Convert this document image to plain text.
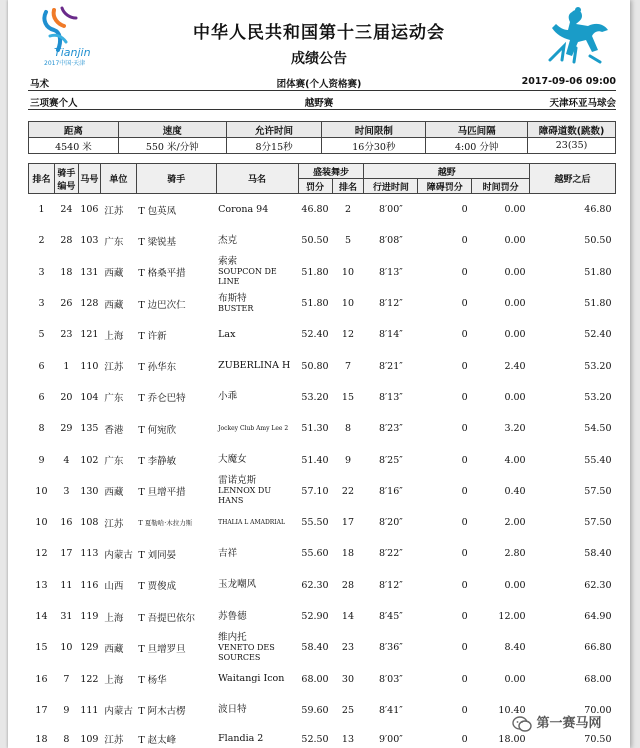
Tianjin
2017中国·天津
中华人民共和国第十三届运动会
成绩公告
马术	团体赛(个人资格赛)	2017-09-06 09:00
三项赛个人	越野赛	天津环亚马球会
距离	速度	允许时间	时间限制	马匹间隔	障碍道数(跳数)
4540 米	550 米/分钟	8分15秒	16分30秒	4:00 分钟	23(35)
排名	骑手编号	马号	单位	骑手	马名	盛装舞步		越野			越野之后
						罚分	排名	行进时间	障碍罚分	时间罚分	
1	24	106	江苏	T 包英凤	Corona 94	46.80	2	8′00″	0	0.00	46.80
2	28	103	广东	T 梁锐基	杰克	50.50	5	8′08″	0	0.00	50.50
3	18	131	西藏	T 格桑平措	索索
SOUPCON DE LINE	51.80	10	8′13″	0	0.00	51.80
3	26	128	西藏	T 边巴次仁	布斯特
BUSTER	51.80	10	8′12″	0	0.00	51.80
5	23	121	上海	T 许新	Lax	52.40	12	8′14″	0	0.00	52.40
6	1	110	江苏	T 孙华东	ZUBERLINA H	50.80	7	8′21″	0	2.40	53.20
6	20	104	广东	T 乔仑巴特	小乖	53.20	15	8′13″	0	0.00	53.20
8	29	135	香港	T 何宛欣	Jockey Club Amy Lee 2	51.30	8	8′23″	0	3.20	54.50
9	4	102	广东	T 李静敏	大魔女	51.40	9	8′25″	0	4.00	55.40
10	3	130	西藏	T 旦增平措	雷诺克斯
LENNOX DU HANS	57.10	22	8′16″	0	0.40	57.50
10	16	108	江苏	T 夏勒哈·木拉力斯	THALIA L AMADRIAL	55.50	17	8′20″	0	2.00	57.50
12	17	113	内蒙古	T 刘同晏	吉祥	55.60	18	8′22″	0	2.80	58.40
13	11	116	山西	T 贾俊成	玉龙嘲风	62.30	28	8′12″	0	0.00	62.30
14	31	119	上海	T 吾提巴依尔	苏鲁德	52.90	14	8′45″	0	12.00	64.90
15	10	129	西藏	T 旦增罗旦	维内托
VENETO DES SOURCES	58.40	23	8′36″	0	8.40	66.80
16	7	122	上海	T 杨华	Waitangi Icon	68.00	30	8′03″	0	0.00	68.00
17	9	111	内蒙古	T 阿木古楞	波日特	59.60	25	8′41″	0	10.40	70.00
18	8	109	江苏	T 赵太峰	Flandia 2	52.50	13	9′00″	0	18.00	70.50
第一赛马网
